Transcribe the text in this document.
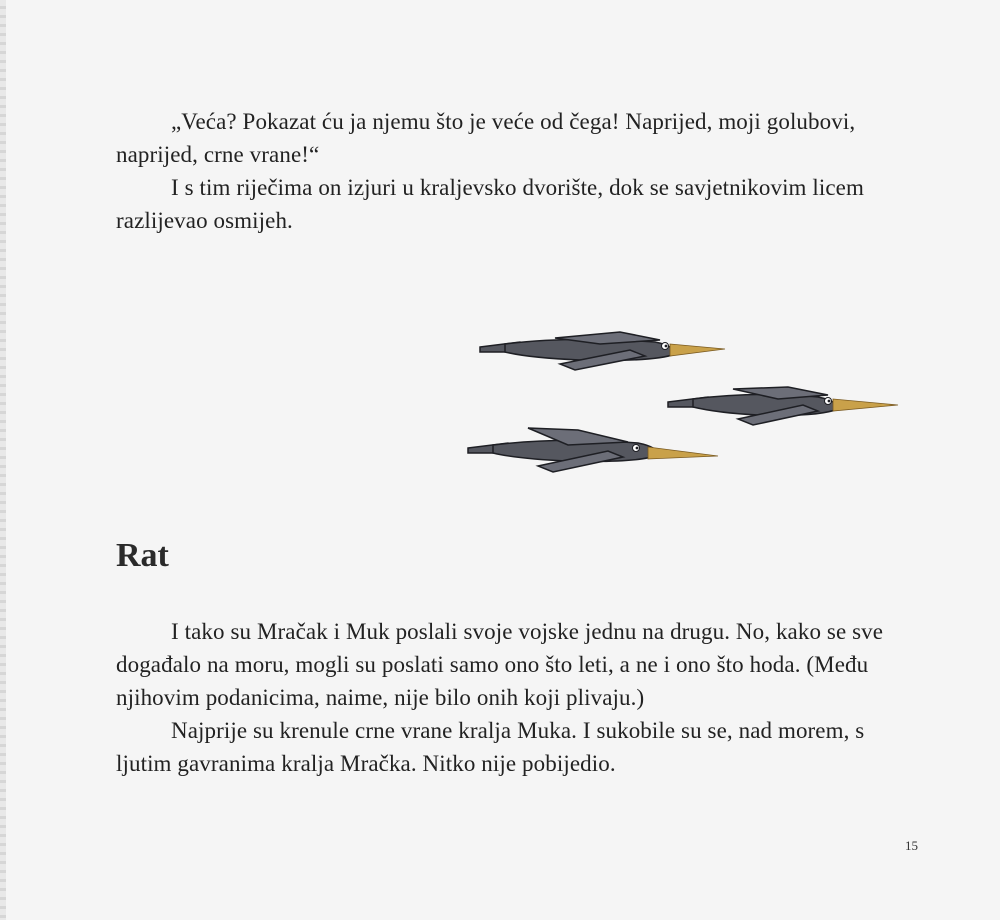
„Veća? Pokazat ću ja njemu što je veće od čega! Naprijed, moji golubovi, naprijed, crne vrane!“

I s tim riječima on izjuri u kraljevsko dvorište, dok se savjetnikovim licem razlijevao osmijeh.

Rat

I tako su Mračak i Muk poslali svoje vojske jednu na drugu. No, kako se sve događalo na moru, mogli su poslati samo ono što leti, a ne i ono što hoda. (Među njihovim podanicima, naime, nije bilo onih koji plivaju.)

Najprije su krenule crne vrane kralja Muka. I sukobile su se, nad morem, s ljutim gavranima kralja Mračka. Nitko nije pobijedio.

15
